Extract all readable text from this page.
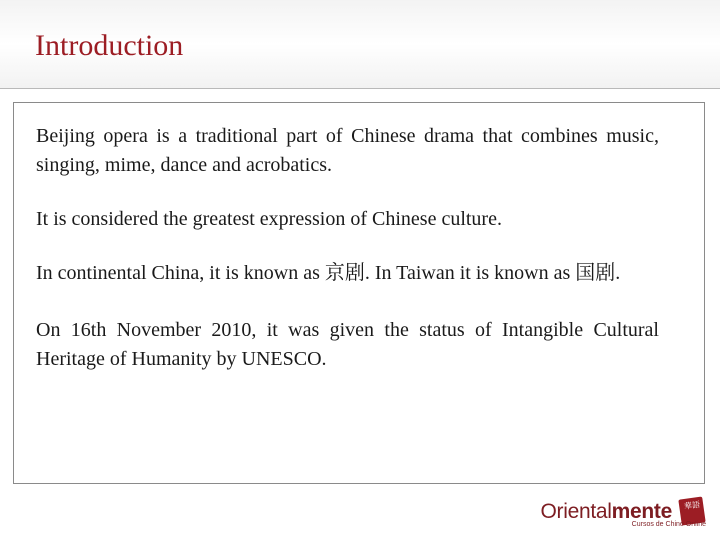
Introduction

Beijing opera is a traditional part of Chinese drama that combines music, singing, mime, dance and acrobatics.

It is considered the greatest expression of Chinese culture.

In continental China, it is known as 京剧. In Taiwan it is known as 国剧.

On 16th November 2010, it was given the status of Intangible Cultural Heritage of Humanity by UNESCO.

Orientalmente 華語
Cursos de Chino Online
